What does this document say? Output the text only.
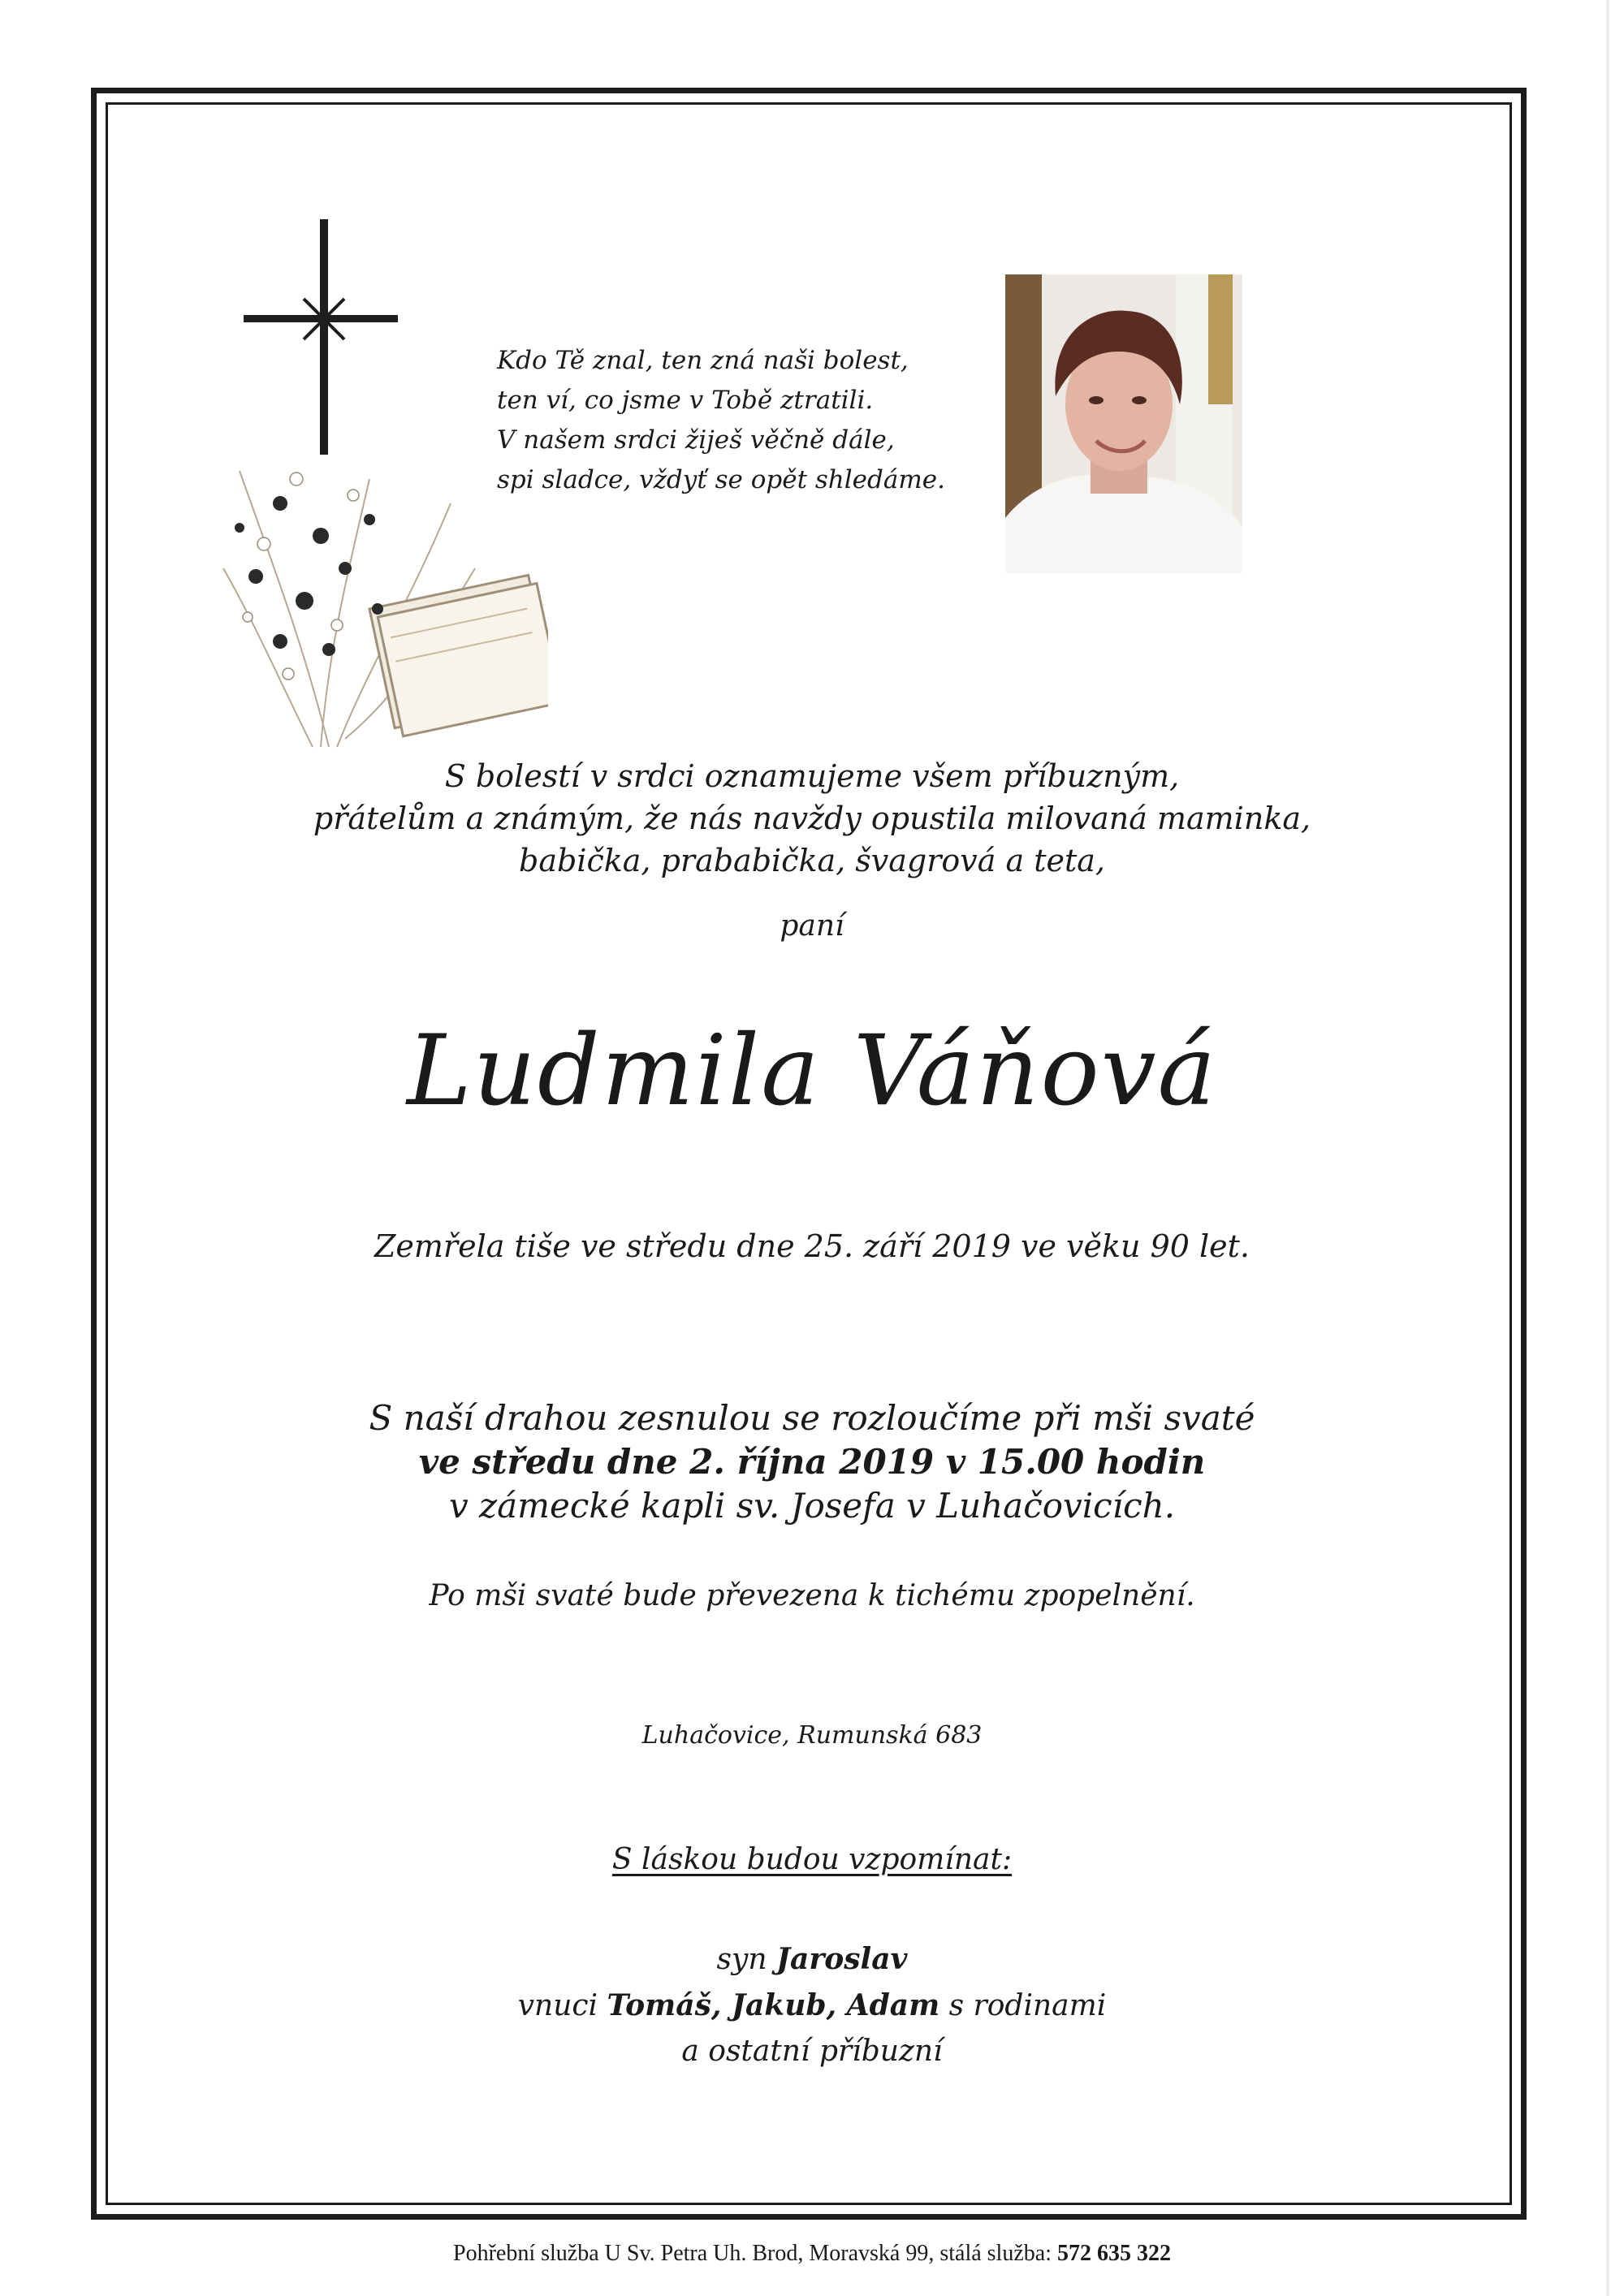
Kdo Tě znal, ten zná naši bolest,
ten ví, co jsme v Tobě ztratili.
V našem srdci žiješ věčně dále,
spi sladce, vždyť se opět shledáme.
S bolestí v srdci oznamujeme všem příbuzným,
přátelům a známým, že nás navždy opustila milovaná maminka,
babička, prababička, švagrová a teta,
paní
Ludmila Váňová
Zemřela tiše ve středu dne 25. září 2019 ve věku 90 let.
S naší drahou zesnulou se rozloučíme při mši svaté
ve středu dne 2. října 2019 v 15.00 hodin
v zámecké kapli sv. Josefa v Luhačovicích.
Po mši svaté bude převezena k tichému zpopelnění.
Luhačovice, Rumunská 683
S láskou budou vzpomínat:
syn Jaroslav
vnuci Tomáš, Jakub, Adam s rodinami
a ostatní příbuzní
Pohřební služba U Sv. Petra Uh. Brod, Moravská 99, stálá služba: 572 635 322
